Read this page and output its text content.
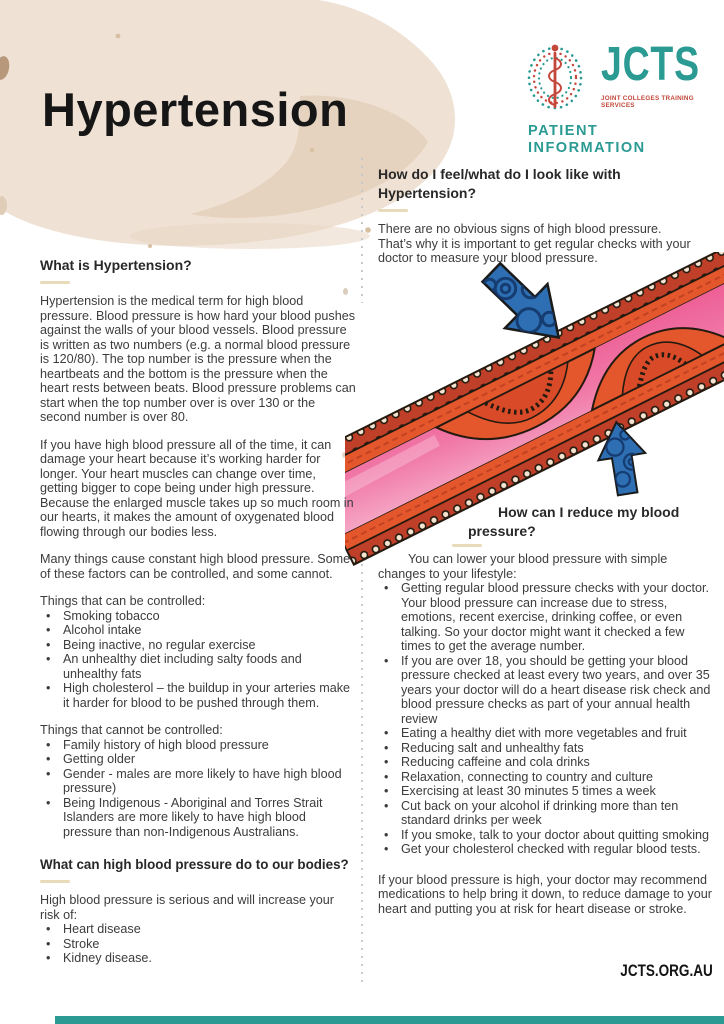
Hypertension
JCTS
JOINT COLLEGES TRAINING SERVICES
PATIENT INFORMATION
What is Hypertension?

Hypertension is the medical term for high blood pressure. Blood pressure is how hard your blood pushes against the walls of your blood vessels. Blood pressure is written as two numbers (e.g. a normal blood pressure is 120/80). The top number is the pressure when the heartbeats and the bottom is the pressure when the heart rests between beats. Blood pressure problems can start when the top number over is over 130 or the second number is over 80.

If you have high blood pressure all of the time, it can damage your heart because it’s working harder for longer. Your heart muscles can change over time, getting bigger to cope being under high pressure. Because the enlarged muscle takes up so much room in our hearts, it makes the amount of oxygenated blood flowing through our bodies less.

Many things cause constant high blood pressure. Some of these factors can be controlled, and some cannot.

Things that can be controlled:

• Smoking tobacco
• Alcohol intake
• Being inactive, no regular exercise
• An unhealthy diet including salty foods and unhealthy fats
• High cholesterol – the buildup in your arteries make it harder for blood to be pushed through them.

Things that cannot be controlled:

• Family history of high blood pressure
• Getting older
• Gender - males are more likely to have high blood pressure)
• Being Indigenous - Aboriginal and Torres Strait Islanders are more likely to have high blood pressure than non-Indigenous Australians.
What can high blood pressure do to our bodies?

High blood pressure is serious and will increase your risk of:

• Heart disease
• Stroke
• Kidney disease.
How do I feel/what do I look like with Hypertension?

There are no obvious signs of high blood pressure. That’s why it is important to get regular checks with your doctor to measure your blood pressure.

How can I reduce my blood pressure?

You can lower your blood pressure with simple changes to your lifestyle:

• Getting regular blood pressure checks with your doctor. Your blood pressure can increase due to stress, emotions, recent exercise, drinking coffee, or even talking. So your doctor might want it checked a few times to get the average number.
• If you are over 18, you should be getting your blood pressure checked at least every two years, and over 35 years your doctor will do a heart disease risk check and blood pressure checks as part of your annual health review
• Eating a healthy diet with more vegetables and fruit
• Reducing salt and unhealthy fats
• Reducing caffeine and cola drinks
• Relaxation, connecting to country and culture
• Exercising at least 30 minutes 5 times a week
• Cut back on your alcohol if drinking more than ten standard drinks per week
• If you smoke, talk to your doctor about quitting smoking
• Get your cholesterol checked with regular blood tests.

If your blood pressure is high, your doctor may recommend medications to help bring it down, to reduce damage to your heart and putting you at risk for heart disease or stroke.

JCTS.ORG.AU
